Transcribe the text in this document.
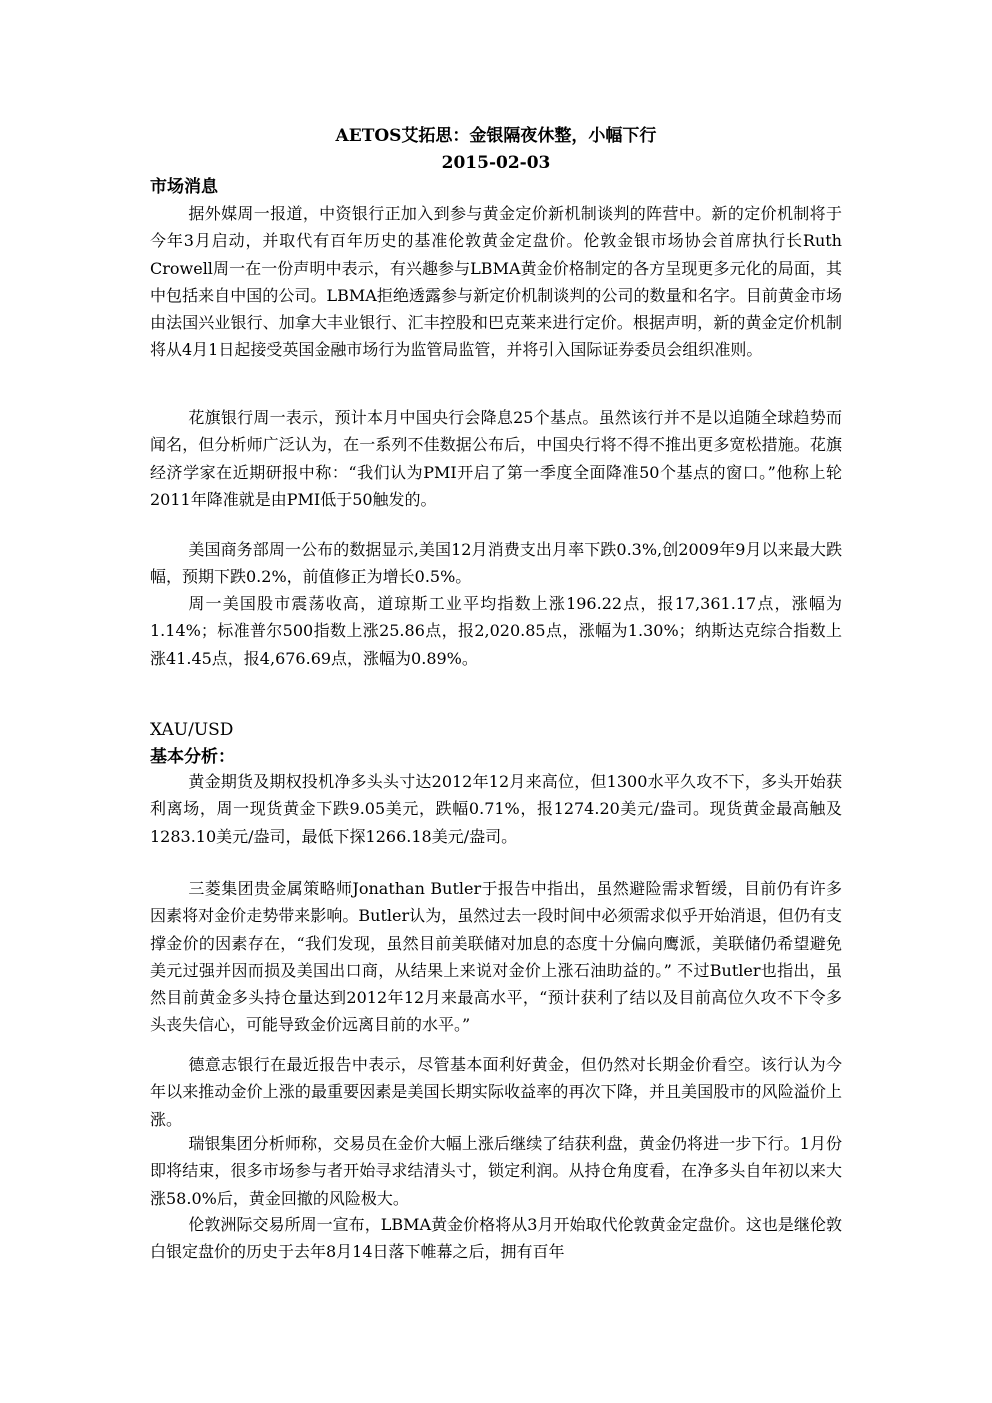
AETOS艾拓思：金银隔夜休整，小幅下行
2015-02-03
市场消息

据外媒周一报道，中资银行正加入到参与黄金定价新机制谈判的阵营中。新的定价机制将于今年3月启动，并取代有百年历史的基准伦敦黄金定盘价。伦敦金银市场协会首席执行长Ruth Crowell周一在一份声明中表示，有兴趣参与LBMA黄金价格制定的各方呈现更多元化的局面，其中包括来自中国的公司。LBMA拒绝透露参与新定价机制谈判的公司的数量和名字。目前黄金市场由法国兴业银行、加拿大丰业银行、汇丰控股和巴克莱来进行定价。根据声明，新的黄金定价机制将从4月1日起接受英国金融市场行为监管局监管，并将引入国际证券委员会组织准则。

花旗银行周一表示，预计本月中国央行会降息25个基点。虽然该行并不是以追随全球趋势而闻名，但分析师广泛认为，在一系列不佳数据公布后，中国央行将不得不推出更多宽松措施。花旗经济学家在近期研报中称：“我们认为PMI开启了第一季度全面降准50个基点的窗口。”他称上轮2011年降准就是由PMI低于50触发的。

美国商务部周一公布的数据显示,美国12月消费支出月率下跌0.3%,创2009年9月以来最大跌幅，预期下跌0.2%，前值修正为增长0.5%。

周一美国股市震荡收高，道琼斯工业平均指数上涨196.22点，报17,361.17点，涨幅为1.14%；标准普尔500指数上涨25.86点，报2,020.85点，涨幅为1.30%；纳斯达克综合指数上涨41.45点，报4,676.69点，涨幅为0.89%。

XAU/USD
基本分析：

黄金期货及期权投机净多头头寸达2012年12月来高位，但1300水平久攻不下，多头开始获利离场，周一现货黄金下跌9.05美元，跌幅0.71%，报1274.20美元/盎司。现货黄金最高触及1283.10美元/盎司，最低下探1266.18美元/盎司。

三菱集团贵金属策略师Jonathan Butler于报告中指出，虽然避险需求暂缓，目前仍有许多因素将对金价走势带来影响。Butler认为，虽然过去一段时间中必须需求似乎开始消退，但仍有支撑金价的因素存在，“我们发现，虽然目前美联储对加息的态度十分偏向鹰派，美联储仍希望避免美元过强并因而损及美国出口商，从结果上来说对金价上涨石油助益的。” 不过Butler也指出，虽然目前黄金多头持仓量达到2012年12月来最高水平，“预计获利了结以及目前高位久攻不下令多头丧失信心，可能导致金价远离目前的水平。”

德意志银行在最近报告中表示，尽管基本面利好黄金，但仍然对长期金价看空。该行认为今年以来推动金价上涨的最重要因素是美国长期实际收益率的再次下降，并且美国股市的风险溢价上涨。

瑞银集团分析师称，交易员在金价大幅上涨后继续了结获利盘，黄金仍将进一步下行。1月份即将结束，很多市场参与者开始寻求结清头寸，锁定利润。从持仓角度看，在净多头自年初以来大涨58.0%后，黄金回撤的风险极大。

伦敦洲际交易所周一宣布，LBMA黄金价格将从3月开始取代伦敦黄金定盘价。这也是继伦敦白银定盘价的历史于去年8月14日落下帷幕之后，拥有百年
